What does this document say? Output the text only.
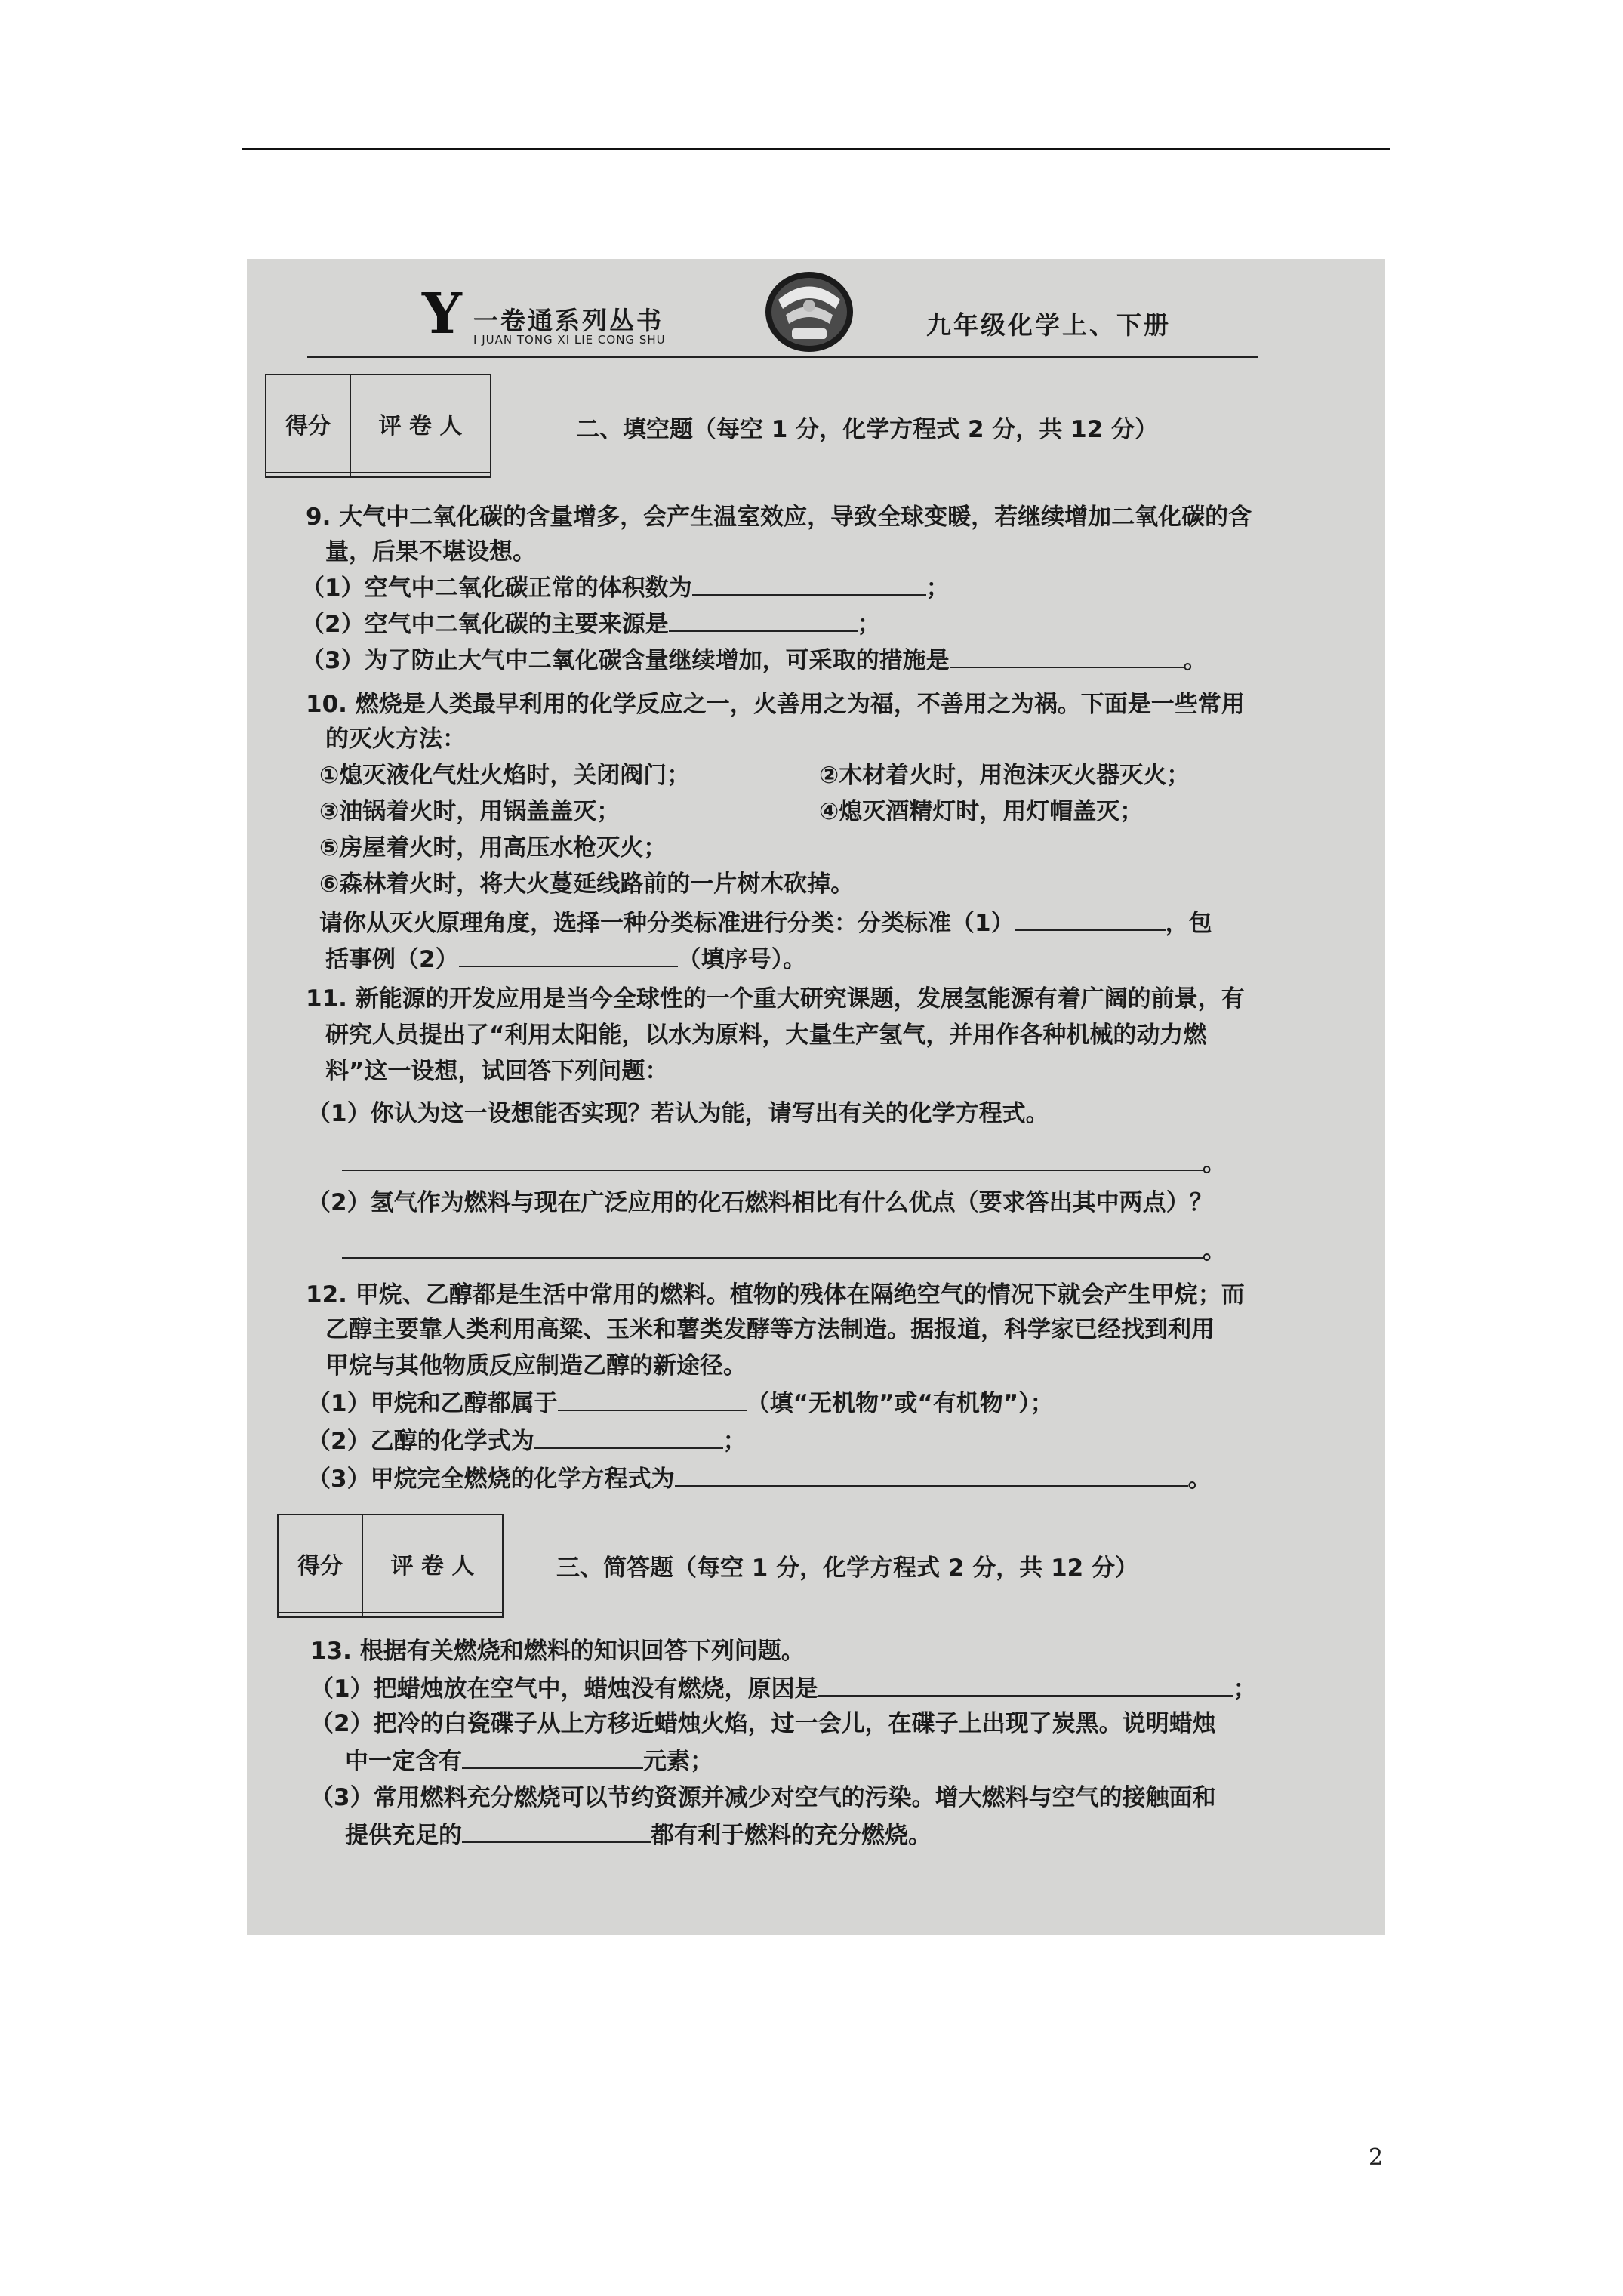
Y 一卷通系列丛书
I JUAN TONG XI LIE CONG SHU	九年级化学上、下册
得分	评 卷 人
		二、填空题（每空 1 分，化学方程式 2 分，共 12 分）
9. 大气中二氧化碳的含量增多，会产生温室效应，导致全球变暖，若继续增加二氧化碳的含
量，后果不堪设想。
（1）空气中二氧化碳正常的体积数为	；
（2）空气中二氧化碳的主要来源是	；
（3）为了防止大气中二氧化碳含量继续增加，可采取的措施是	。
10. 燃烧是人类最早利用的化学反应之一，火善用之为福，不善用之为祸。下面是一些常用
的灭火方法：
①熄灭液化气灶火焰时，关闭阀门；	②木材着火时，用泡沫灭火器灭火；
③油锅着火时，用锅盖盖灭；	④熄灭酒精灯时，用灯帽盖灭；
⑤房屋着火时，用高压水枪灭火；
⑥森林着火时，将大火蔓延线路前的一片树木砍掉。
请你从灭火原理角度，选择一种分类标准进行分类：分类标准（1）	，包
括事例（2）	（填序号）。
11. 新能源的开发应用是当今全球性的一个重大研究课题，发展氢能源有着广阔的前景，有
研究人员提出了“利用太阳能，以水为原料，大量生产氢气，并用作各种机械的动力燃
料”这一设想，试回答下列问题：
（1）你认为这一设想能否实现？若认为能，请写出有关的化学方程式。
。
（2）氢气作为燃料与现在广泛应用的化石燃料相比有什么优点（要求答出其中两点）？
。
12. 甲烷、乙醇都是生活中常用的燃料。植物的残体在隔绝空气的情况下就会产生甲烷；而
乙醇主要靠人类利用高粱、玉米和薯类发酵等方法制造。据报道，科学家已经找到利用
甲烷与其他物质反应制造乙醇的新途径。
（1）甲烷和乙醇都属于	（填“无机物”或“有机物”）；
（2）乙醇的化学式为	；
（3）甲烷完全燃烧的化学方程式为	。
得分	评 卷 人
		三、简答题（每空 1 分，化学方程式 2 分，共 12 分）
13. 根据有关燃烧和燃料的知识回答下列问题。
（1）把蜡烛放在空气中，蜡烛没有燃烧，原因是	；
（2）把冷的白瓷碟子从上方移近蜡烛火焰，过一会儿，在碟子上出现了炭黑。说明蜡烛
中一定含有	元素；
（3）常用燃料充分燃烧可以节约资源并减少对空气的污染。增大燃料与空气的接触面和
提供充足的	都有利于燃料的充分燃烧。
2
